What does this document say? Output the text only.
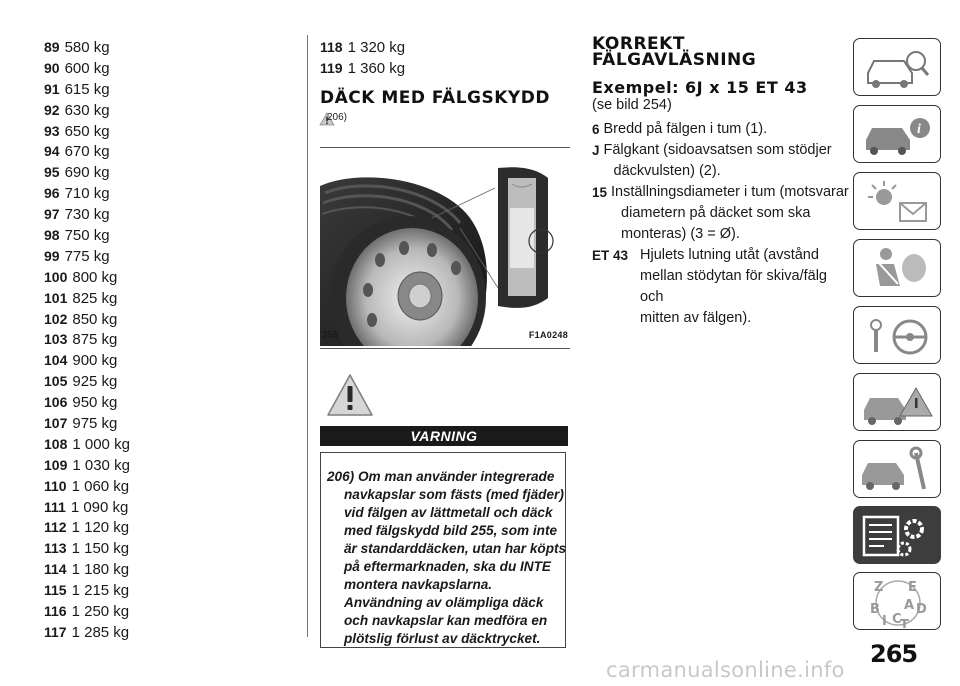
89 580 kg
90 600 kg
91 615 kg
92 630 kg
93 650 kg
94 670 kg
95 690 kg
96 710 kg
97 730 kg
98 750 kg
99 775 kg
100 800 kg
101 825 kg
102 850 kg
103 875 kg
104 900 kg
105 925 kg
106 950 kg
107 975 kg
108 1 000 kg
109 1 030 kg
110 1 060 kg
111 1 090 kg
112 1 120 kg
113 1 150 kg
114 1 180 kg
115 1 215 kg
116 1 250 kg
117 1 285 kg
118 1 320 kg
119 1 360 kg
DÄCK MED FÄLGSKYDD
206)
255	F1A0248
VARNING
206) Om man använder integrerade
navkapslar som fästs (med fjäder)
vid fälgen av lättmetall och däck
med fälgskydd bild 255, som inte
är standarddäcken, utan har köpts
på eftermarknaden, ska du INTE
montera navkapslarna.
Användning av olämpliga däck
och navkapslar kan medföra en
plötslig förlust av däcktrycket.
KORREKT
FÄLGAVLÄSNING
Exempel: 6J x 15 ET 43
(se bild 254)
6 Bredd på fälgen i tum (1).
J Fälgkant (sidoavsatsen som stödjer
däckvulsten) (2).
15 Inställningsdiameter i tum (motsvarar
diametern på däcket som ska
monteras) (3 = Ø).
ET 43 Hjulets lutning utåt (avstånd
mellan stödytan för skiva/fälg och
mitten av fälgen).
i
Z E
B	D
I C
T
A
265
carmanualsonline.info
